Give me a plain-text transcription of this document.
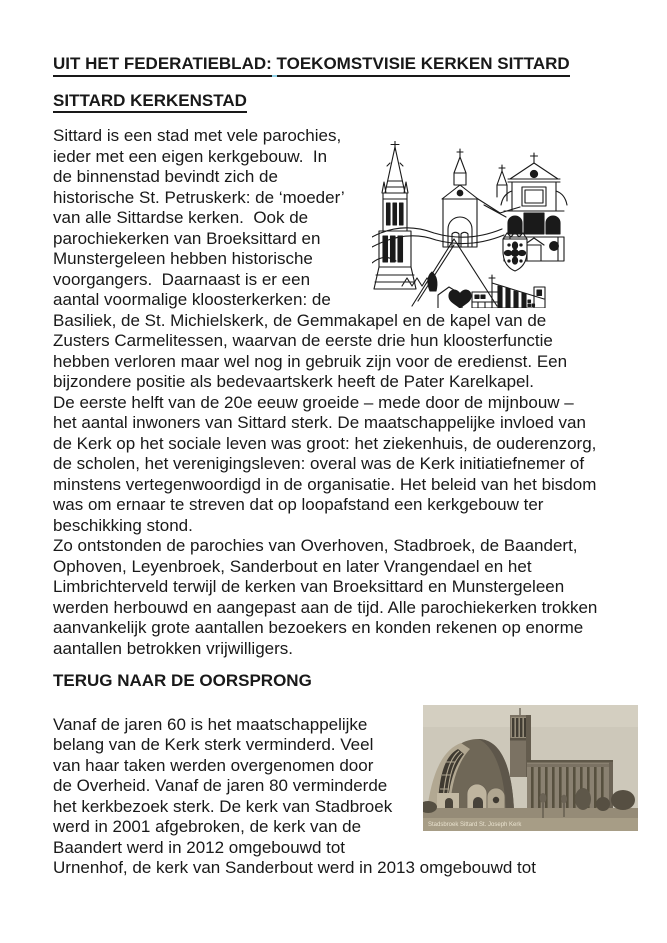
UIT HET FEDERATIEBLAD: TOEKOMSTVISIE KERKEN SITTARD
SITTARD KERKENSTAD
Sittard is een stad met vele parochies,
ieder met een eigen kerkgebouw.  In
de binnenstad bevindt zich de
historische St. Petruskerk: de ‘moeder’
van alle Sittardse kerken.  Ook de
parochiekerken van Broeksittard en
Munstergeleen hebben historische
voorgangers.  Daarnaast is er een
aantal voormalige kloosterkerken: de
Basiliek, de St. Michielskerk, de Gemmakapel en de kapel van de
Zusters Carmelitessen, waarvan de eerste drie hun kloosterfunctie
hebben verloren maar wel nog in gebruik zijn voor de eredienst. Een
bijzondere positie als bedevaartskerk heeft de Pater Karelkapel.
De eerste helft van de 20e eeuw groeide – mede door de mijnbouw –
het aantal inwoners van Sittard sterk. De maatschappelijke invloed van
de Kerk op het sociale leven was groot: het ziekenhuis, de ouderenzorg,
de scholen, het verenigingsleven: overal was de Kerk initiatiefnemer of
minstens vertegenwoordigd in de organisatie. Het beleid van het bisdom
was om ernaar te streven dat op loopafstand een kerkgebouw ter
beschikking stond.
Zo ontstonden de parochies van Overhoven, Stadbroek, de Baandert,
Ophoven, Leyenbroek, Sanderbout en later Vrangendael en het
Limbrichterveld terwijl de kerken van Broeksittard en Munstergeleen
werden herbouwd en aangepast aan de tijd. Alle parochiekerken trokken
aanvankelijk grote aantallen bezoekers en konden rekenen op enorme
aantallen betrokken vrijwilligers.
TERUG NAAR DE OORSPRONG
Stadsbroek Sittard St. Joseph Kerk
Vanaf de jaren 60 is het maatschappelijke
belang van de Kerk sterk verminderd. Veel
van haar taken werden overgenomen door
de Overheid. Vanaf de jaren 80 verminderde
het kerkbezoek sterk. De kerk van Stadbroek
werd in 2001 afgebroken, de kerk van de
Baandert werd in 2012 omgebouwd tot
Urnenhof, de kerk van Sanderbout werd in 2013 omgebouwd tot
